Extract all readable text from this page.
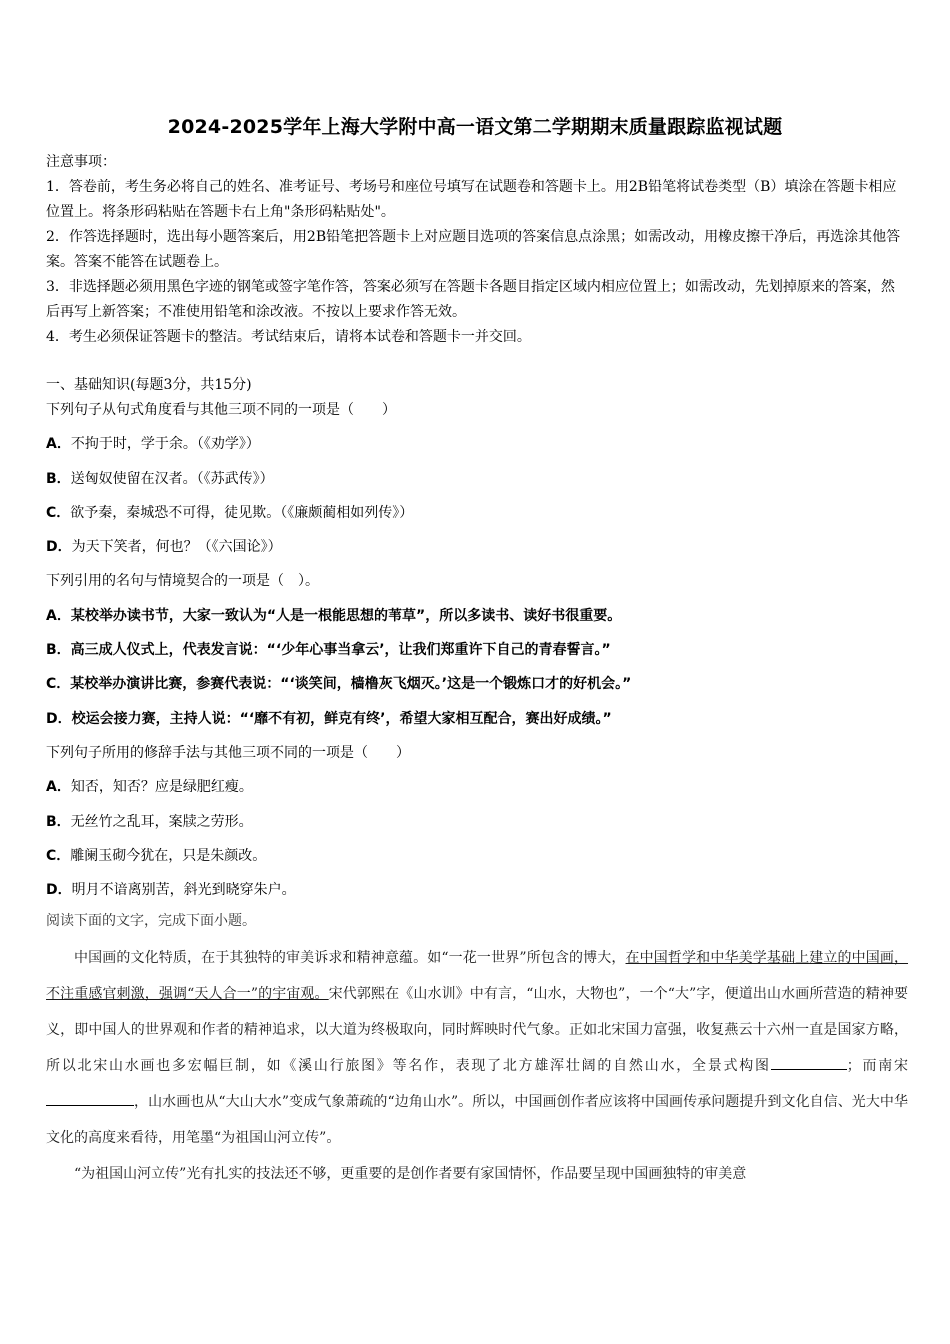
2024-2025学年上海大学附中高一语文第二学期期末质量跟踪监视试题

注意事项：

1．答卷前，考生务必将自己的姓名、准考证号、考场号和座位号填写在试题卷和答题卡上。用2B铅笔将试卷类型（B）填涂在答题卡相应位置上。将条形码粘贴在答题卡右上角"条形码粘贴处"。

2．作答选择题时，选出每小题答案后，用2B铅笔把答题卡上对应题目选项的答案信息点涂黑；如需改动，用橡皮擦干净后，再选涂其他答案。答案不能答在试题卷上。

3．非选择题必须用黑色字迹的钢笔或签字笔作答，答案必须写在答题卡各题目指定区域内相应位置上；如需改动，先划掉原来的答案，然后再写上新答案；不准使用铅笔和涂改液。不按以上要求作答无效。

4．考生必须保证答题卡的整洁。考试结束后，请将本试卷和答题卡一并交回。

一、基础知识(每题3分，共15分)
下列句子从句式角度看与其他三项不同的一项是（　　）
A．不拘于时，学于余。（《劝学》）
B．送匈奴使留在汉者。（《苏武传》）
C．欲予秦，秦城恐不可得，徒见欺。（《廉颇蔺相如列传》）
D．为天下笑者，何也？（《六国论》）
下列引用的名句与情境契合的一项是（　）。
A．某校举办读书节，大家一致认为“人是一根能思想的苇草”，所以多读书、读好书很重要。
B．高三成人仪式上，代表发言说：“‘少年心事当拿云’，让我们郑重许下自己的青春誓言。”
C．某校举办演讲比赛，参赛代表说：“‘谈笑间，樯橹灰飞烟灭。’这是一个锻炼口才的好机会。”
D．校运会接力赛，主持人说：“‘靡不有初，鲜克有终’，希望大家相互配合，赛出好成绩。”
下列句子所用的修辞手法与其他三项不同的一项是（　　）
A．知否，知否？应是绿肥红瘦。
B．无丝竹之乱耳，案牍之劳形。
C．雕阑玉砌今犹在，只是朱颜改。
D．明月不谙离别苦，斜光到晓穿朱户。
阅读下面的文字，完成下面小题。

中国画的文化特质，在于其独特的审美诉求和精神意蕴。如“一花一世界”所包含的博大，在中国哲学和中华美学基础上建立的中国画，不注重感官刺激，强调“天人合一”的宇宙观。宋代郭熙在《山水训》中有言，“山水，大物也”，一个“大”字，便道出山水画所营造的精神要义，即中国人的世界观和作者的精神追求，以大道为终极取向，同时辉映时代气象。正如北宋国力富强，收复燕云十六州一直是国家方略，所以北宋山水画也多宏幅巨制，如《溪山行旅图》等名作，表现了北方雄浑壮阔的自然山水，全景式构图	；而南宋，山水画也从“大山大水”变成气象萧疏的“边角山水”。所以，中国画创作者应该将中国画传承问题提升到文化自信、光大中华文化的高度来看待，用笔墨“为祖国山河立传”。

“为祖国山河立传”光有扎实的技法还不够，更重要的是创作者要有家国情怀，作品要呈现中国画独特的审美意
